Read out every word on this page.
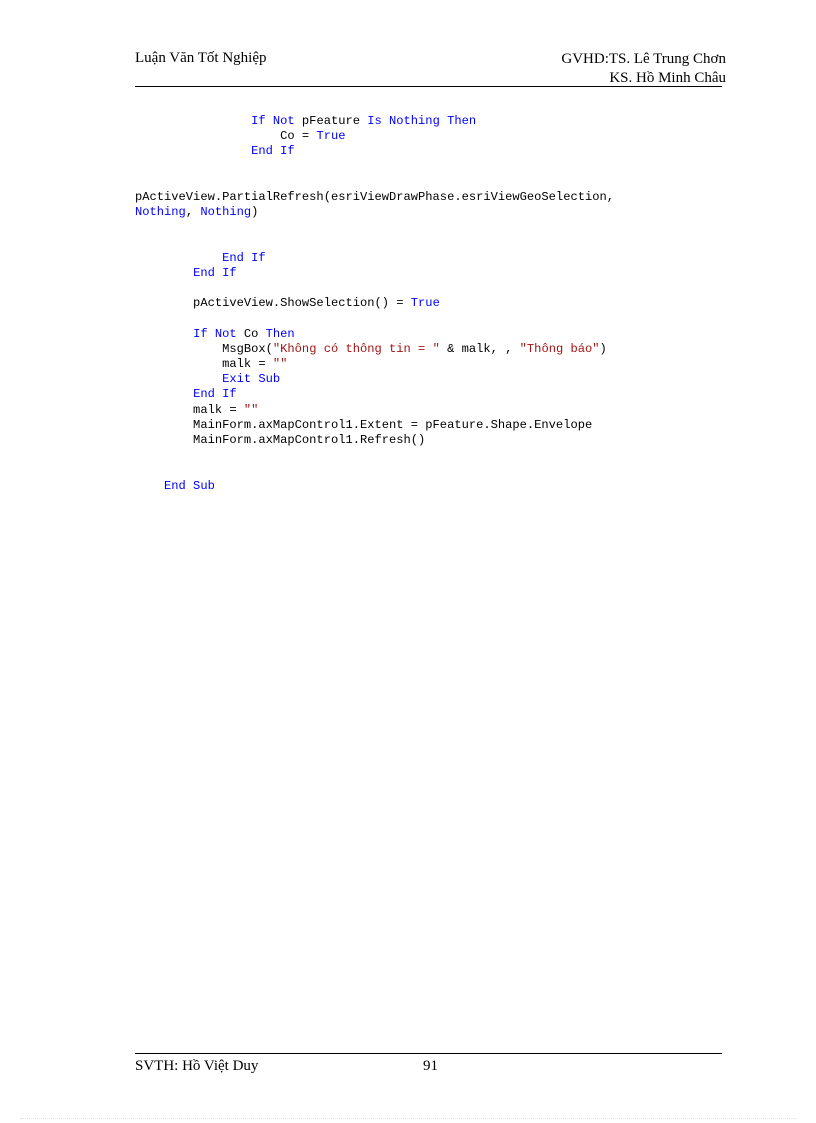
Luận Văn Tốt Nghiệp	GVHD:TS. Lê Trung Chơn
KS. Hồ Minh Châu
If Not pFeature Is Nothing Then
Co = True
End If
pActiveView.PartialRefresh(esriViewDrawPhase.esriViewGeoSelection,
Nothing, Nothing)
End If
End If
pActiveView.ShowSelection() = True
If Not Co Then
MsgBox("Không có thông tin = " & malk, , "Thông báo")
malk = ""
Exit Sub
End If
malk = ""
MainForm.axMapControl1.Extent = pFeature.Shape.Envelope
MainForm.axMapControl1.Refresh()
End Sub
SVTH: Hồ Việt Duy	91
